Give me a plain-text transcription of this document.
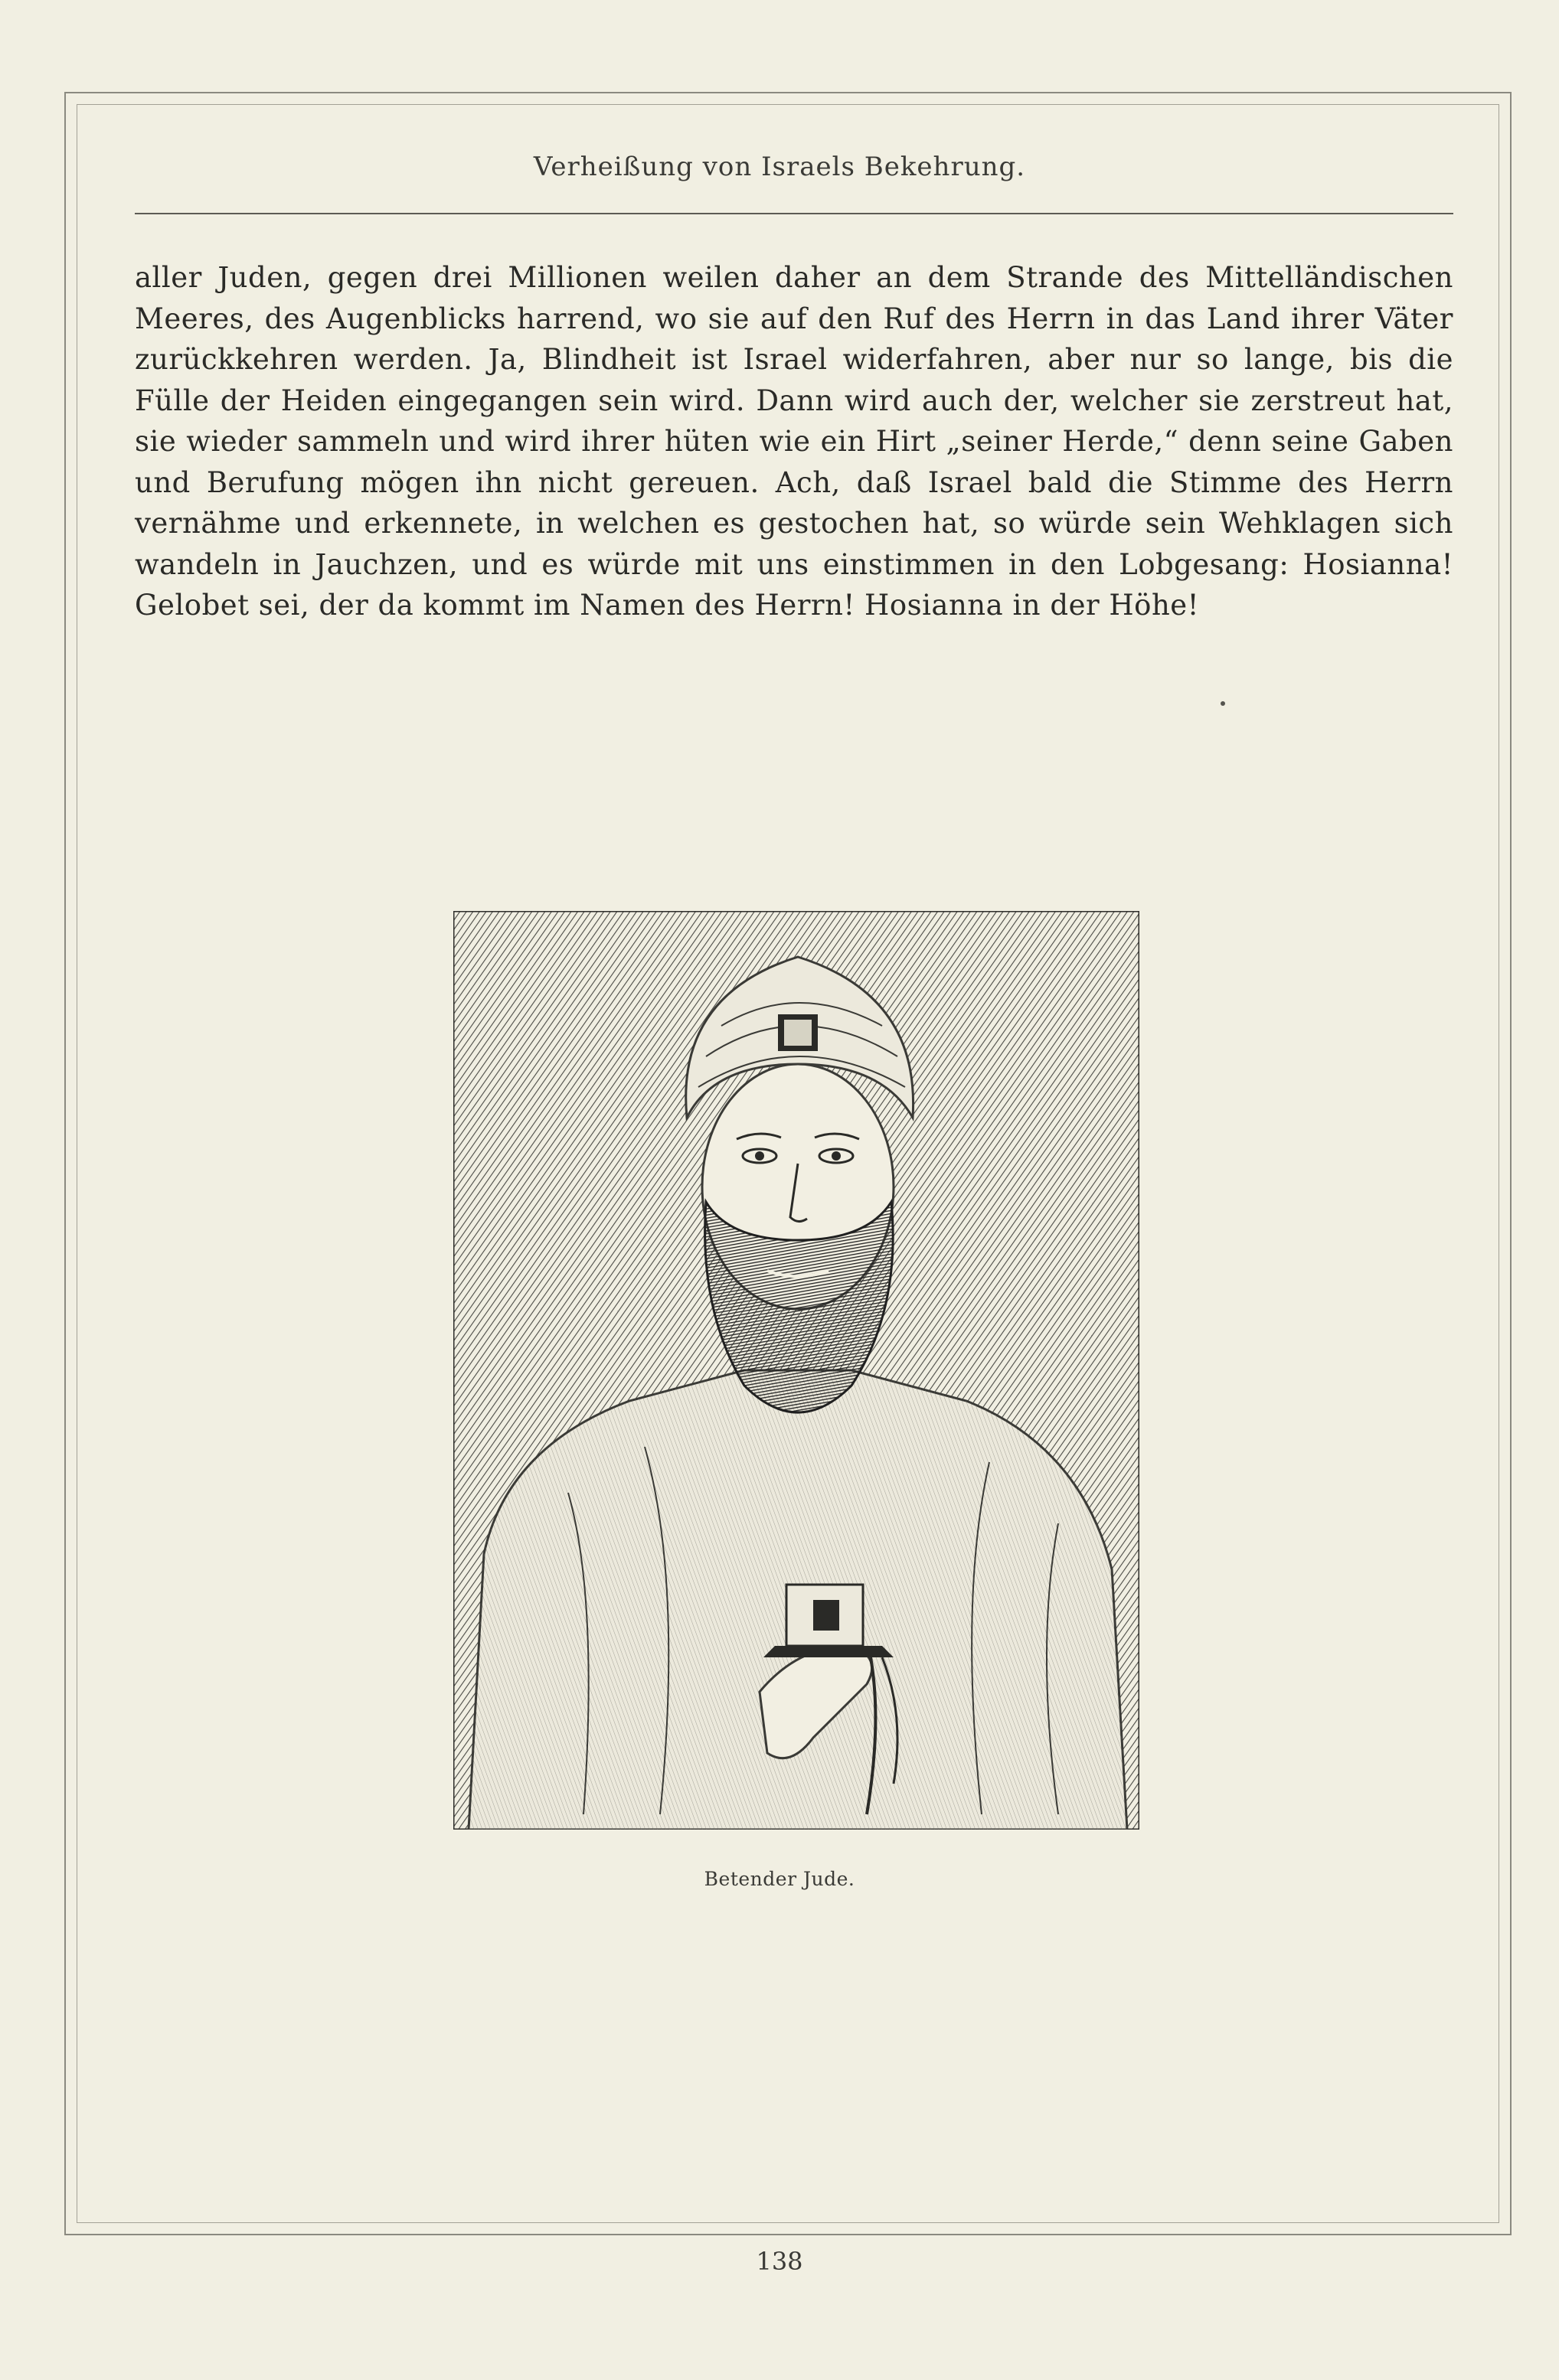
Verheißung von Israels Bekehrung.
aller Juden, gegen drei Millionen weilen daher an dem Strande des Mittelländischen Meeres, des Augenblicks harrend, wo sie auf den Ruf des Herrn in das Land ihrer Väter zurückkehren werden. Ja, Blindheit ist Israel widerfahren, aber nur so lange, bis die Fülle der Heiden eingegangen sein wird. Dann wird auch der, welcher sie zerstreut hat, sie wieder sammeln und wird ihrer hüten wie ein Hirt „seiner Herde,“ denn seine Gaben und Berufung mögen ihn nicht gereuen. Ach, daß Israel bald die Stimme des Herrn vernähme und erkennete, in welchen es gestochen hat, so würde sein Wehklagen sich wandeln in Jauchzen, und es würde mit uns einstimmen in den Lobgesang: Hosianna! Gelobet sei, der da kommt im Namen des Herrn! Hosianna in der Höhe!
Betender Jude.
138
